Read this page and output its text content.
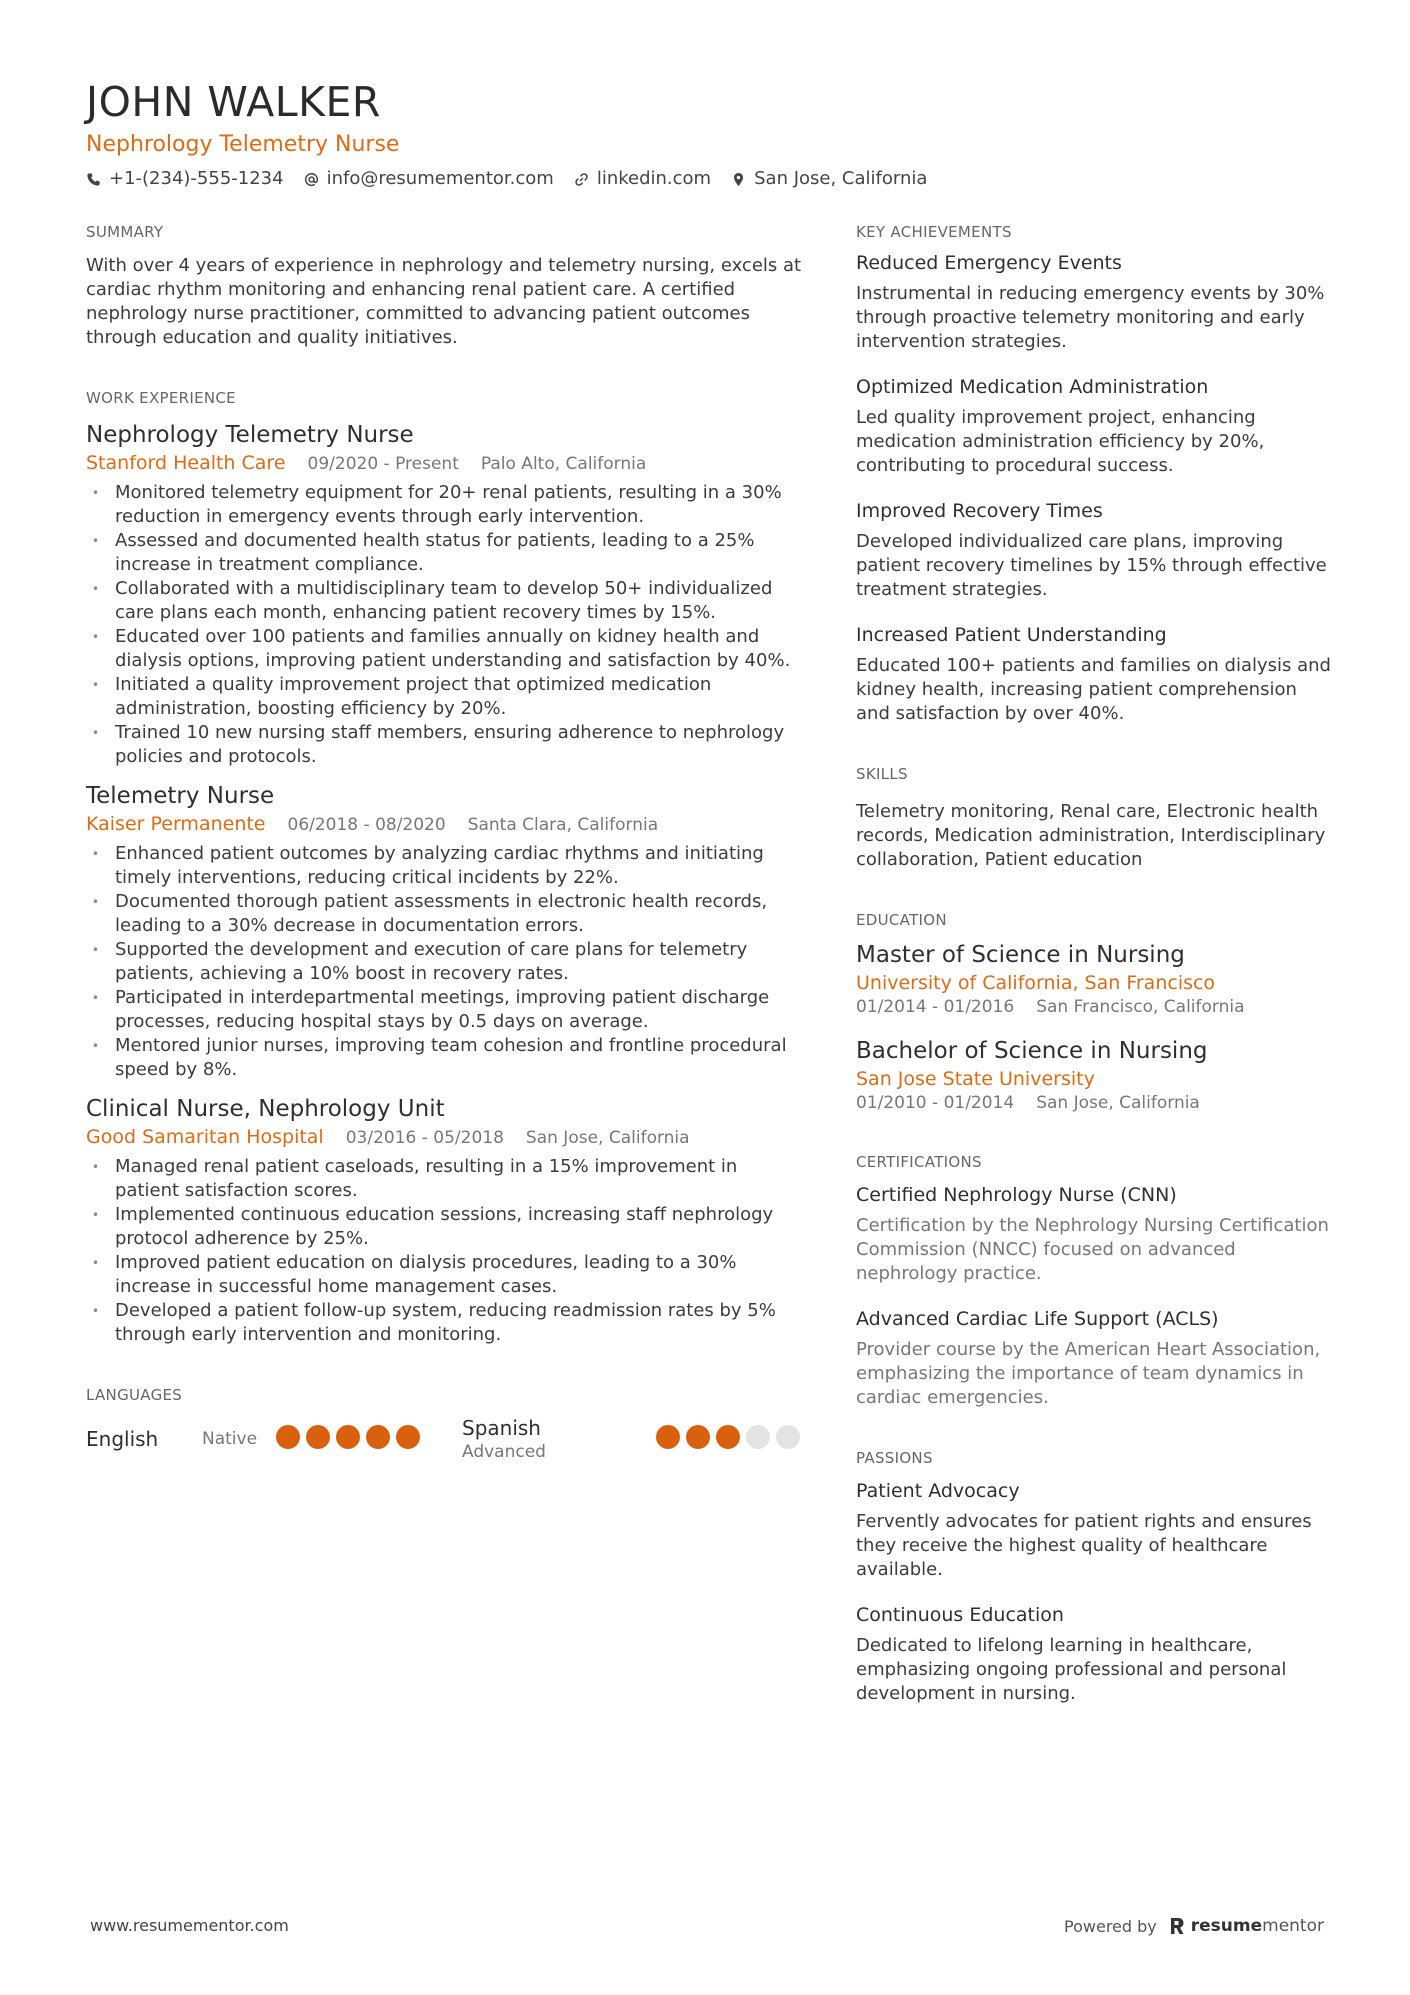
JOHN WALKER
Nephrology Telemetry Nurse
+1-(234)-555-1234 info@resumementor.com linkedin.com San Jose, California
SUMMARY
With over 4 years of experience in nephrology and telemetry nursing, excels at cardiac rhythm monitoring and enhancing renal patient care. A certified nephrology nurse practitioner, committed to advancing patient outcomes through education and quality initiatives.
WORK EXPERIENCE
Nephrology Telemetry Nurse
Stanford Health Care 09/2020 - Present Palo Alto, California
• Monitored telemetry equipment for 20+ renal patients, resulting in a 30% reduction in emergency events through early intervention.
• Assessed and documented health status for patients, leading to a 25% increase in treatment compliance.
• Collaborated with a multidisciplinary team to develop 50+ individualized care plans each month, enhancing patient recovery times by 15%.
• Educated over 100 patients and families annually on kidney health and dialysis options, improving patient understanding and satisfaction by 40%.
• Initiated a quality improvement project that optimized medication administration, boosting efficiency by 20%.
• Trained 10 new nursing staff members, ensuring adherence to nephrology policies and protocols.
Telemetry Nurse
Kaiser Permanente 06/2018 - 08/2020 Santa Clara, California
• Enhanced patient outcomes by analyzing cardiac rhythms and initiating timely interventions, reducing critical incidents by 22%.
• Documented thorough patient assessments in electronic health records, leading to a 30% decrease in documentation errors.
• Supported the development and execution of care plans for telemetry patients, achieving a 10% boost in recovery rates.
• Participated in interdepartmental meetings, improving patient discharge processes, reducing hospital stays by 0.5 days on average.
• Mentored junior nurses, improving team cohesion and frontline procedural speed by 8%.
Clinical Nurse, Nephrology Unit
Good Samaritan Hospital 03/2016 - 05/2018 San Jose, California
• Managed renal patient caseloads, resulting in a 15% improvement in patient satisfaction scores.
• Implemented continuous education sessions, increasing staff nephrology protocol adherence by 25%.
• Improved patient education on dialysis procedures, leading to a 30% increase in successful home management cases.
• Developed a patient follow-up system, reducing readmission rates by 5% through early intervention and monitoring.
LANGUAGES
English	Native	Spanish
Advanced
KEY ACHIEVEMENTS
Reduced Emergency Events
Instrumental in reducing emergency events by 30% through proactive telemetry monitoring and early intervention strategies.
Optimized Medication Administration
Led quality improvement project, enhancing medication administration efficiency by 20%, contributing to procedural success.
Improved Recovery Times
Developed individualized care plans, improving patient recovery timelines by 15% through effective treatment strategies.
Increased Patient Understanding
Educated 100+ patients and families on dialysis and kidney health, increasing patient comprehension and satisfaction by over 40%.
SKILLS
Telemetry monitoring, Renal care, Electronic health records, Medication administration, Interdisciplinary collaboration, Patient education
EDUCATION
Master of Science in Nursing
University of California, San Francisco
01/2014 - 01/2016 San Francisco, California
Bachelor of Science in Nursing
San Jose State University
01/2010 - 01/2014 San Jose, California
CERTIFICATIONS
Certified Nephrology Nurse (CNN)
Certification by the Nephrology Nursing Certification Commission (NNCC) focused on advanced nephrology practice.
Advanced Cardiac Life Support (ACLS)
Provider course by the American Heart Association, emphasizing the importance of team dynamics in cardiac emergencies.
PASSIONS
Patient Advocacy
Fervently advocates for patient rights and ensures they receive the highest quality of healthcare available.
Continuous Education
Dedicated to lifelong learning in healthcare, emphasizing ongoing professional and personal development in nursing.
www.resumementor.com	Powered by resumementor
